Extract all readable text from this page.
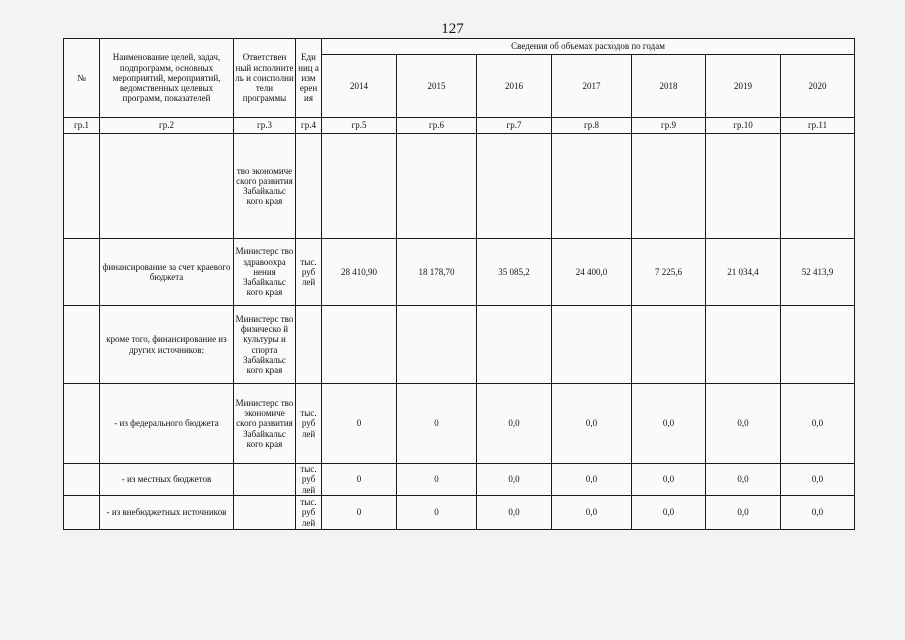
127
№	Наименование целей, задач, подпрограмм, основных мероприятий, мероприятий, ведомственных целевых программ, показателей	Ответствен ный исполните ль и соисполни тели программы	Еди ниц а изм ерен ия	Сведения об объемах расходов по годам						
				2014	2015	2016	2017	2018	2019	2020
гр.1	гр.2	гр.3	гр.4	гр.5	гр.6	гр.7	гр.8	гр.9	гр.10	гр.11
		тво экономиче ского развития Забайкальс кого края								
	финансирование за счет краевого бюджета	Министерс тво здравоохра нения Забайкальс кого края	тыс. руб лей	28 410,90	18 178,70	35 085,2	24 400,0	7 225,6	21 034,4	52 413,9
	кроме того, финансирование из других источников:	Министерс тво физическо й культуры и спорта Забайкальс кого края								
	- из федерального бюджета	Министерс тво экономиче ского развития Забайкальс кого края	тыс. руб лей	0	0	0,0	0,0	0,0	0,0	0,0
	- из местных бюджетов		тыс. руб лей	0	0	0,0	0,0	0,0	0,0	0,0
	- из внебюджетных источников		тыс. руб лей	0	0	0,0	0,0	0,0	0,0	0,0
